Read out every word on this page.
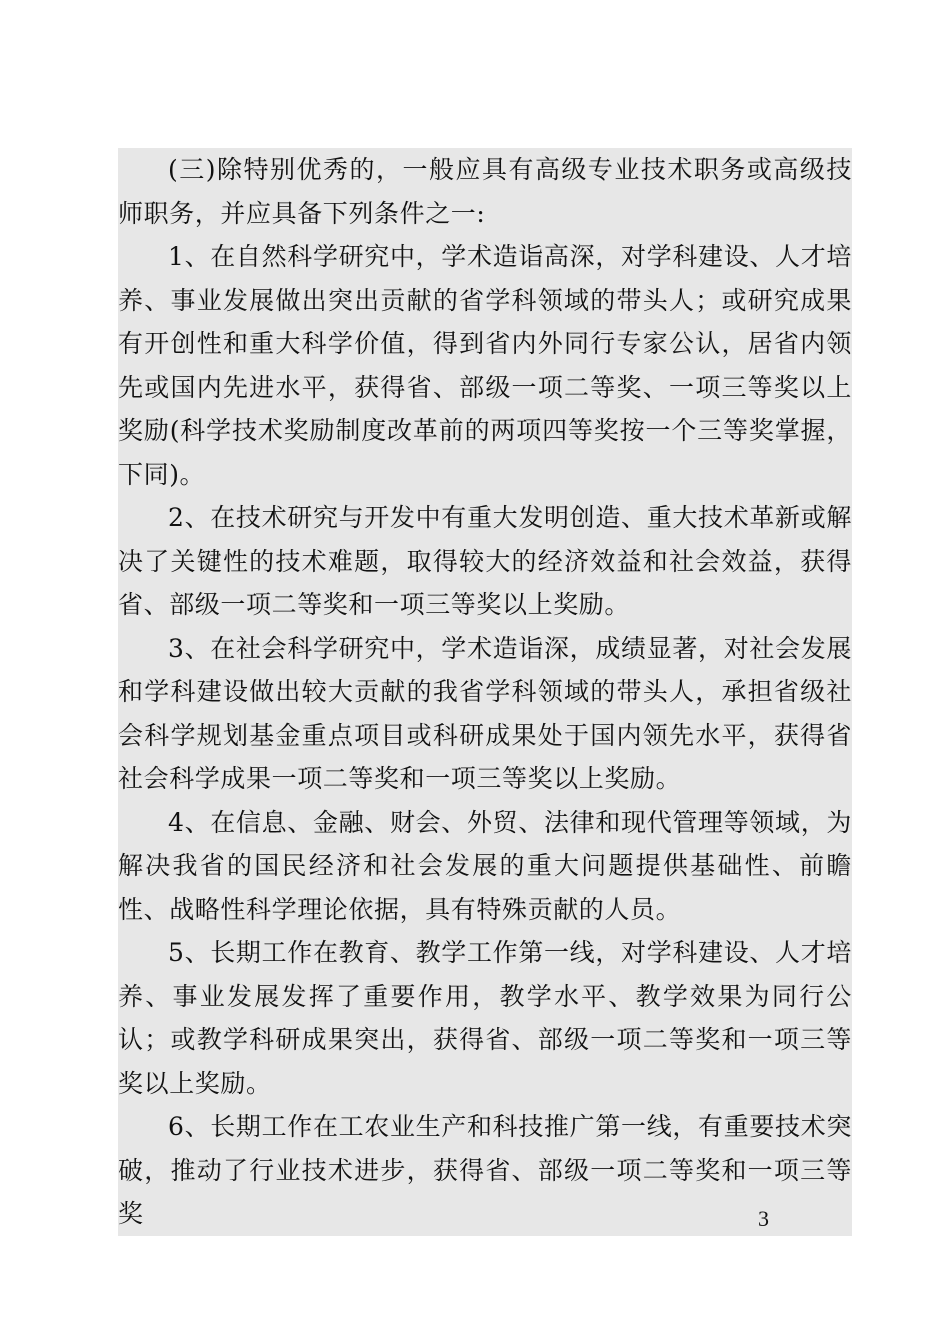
(三)除特别优秀的，一般应具有高级专业技术职务或高级技师职务，并应具备下列条件之一:

1、在自然科学研究中，学术造诣高深，对学科建设、人才培养、事业发展做出突出贡献的省学科领域的带头人；或研究成果有开创性和重大科学价值，得到省内外同行专家公认，居省内领先或国内先进水平，获得省、部级一项二等奖、一项三等奖以上奖励(科学技术奖励制度改革前的两项四等奖按一个三等奖掌握，下同)。

2、在技术研究与开发中有重大发明创造、重大技术革新或解决了关键性的技术难题，取得较大的经济效益和社会效益，获得省、部级一项二等奖和一项三等奖以上奖励。

3、在社会科学研究中，学术造诣深，成绩显著，对社会发展和学科建设做出较大贡献的我省学科领域的带头人，承担省级社会科学规划基金重点项目或科研成果处于国内领先水平，获得省社会科学成果一项二等奖和一项三等奖以上奖励。

4、在信息、金融、财会、外贸、法律和现代管理等领域，为解决我省的国民经济和社会发展的重大问题提供基础性、前瞻性、战略性科学理论依据，具有特殊贡献的人员。

5、长期工作在教育、教学工作第一线，对学科建设、人才培养、事业发展发挥了重要作用，教学水平、教学效果为同行公认；或教学科研成果突出，获得省、部级一项二等奖和一项三等奖以上奖励。

6、长期工作在工农业生产和科技推广第一线，有重要技术突破，推动了行业技术进步，获得省、部级一项二等奖和一项三等奖	3
